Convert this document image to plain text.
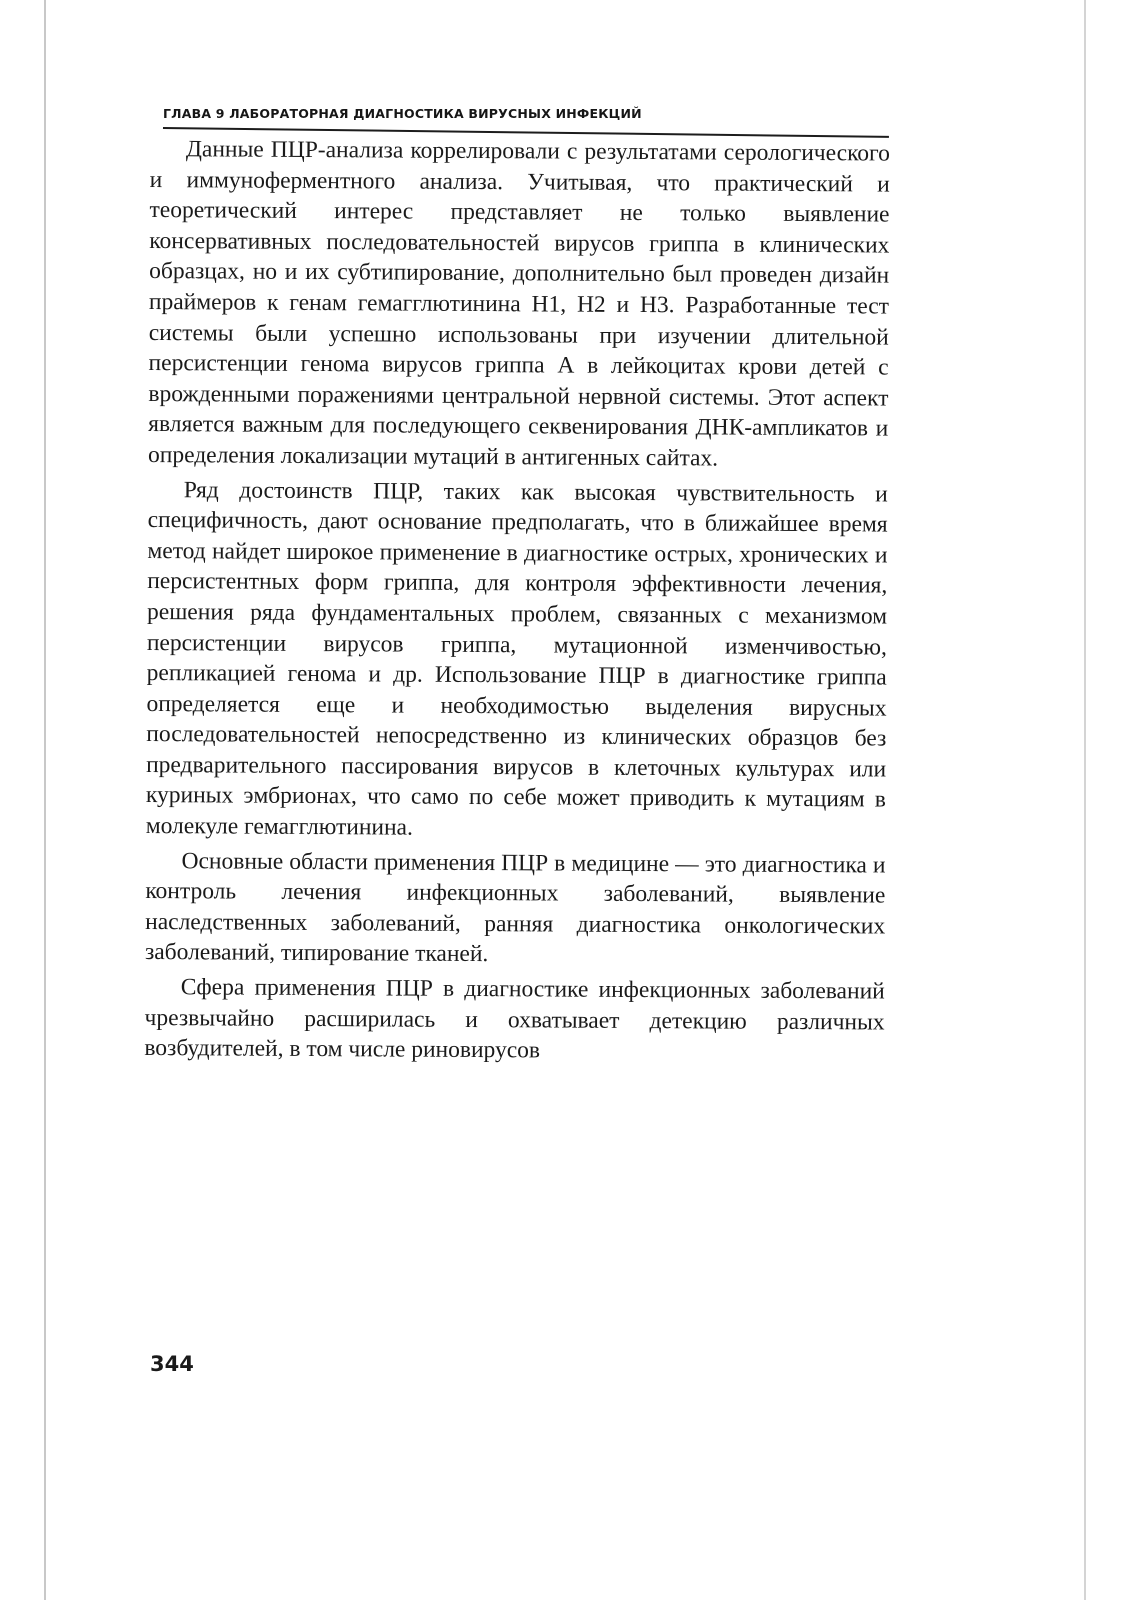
ГЛАВА 9 ЛАБОРАТОРНАЯ ДИАГНОСТИКА ВИРУСНЫХ ИНФЕКЦИЙ

Данные ПЦР-анализа коррелировали с результатами серологического и иммуноферментного анализа. Учитывая, что практический и теоретический интерес представляет не только выявление консервативных последовательностей вирусов гриппа в клинических образцах, но и их субтипирование, дополнительно был проведен дизайн праймеров к генам гемагглютинина Н1, Н2 и Н3. Разработанные тест системы были успешно использованы при изучении длительной персистенции генома вирусов гриппа А в лейкоцитах крови детей с врожденными поражениями центральной нервной системы. Этот аспект является важным для последующего секвенирования ДНК-ампликатов и определения локализации мутаций в антигенных сайтах.

Ряд достоинств ПЦР, таких как высокая чувствительность и специфичность, дают основание предполагать, что в ближайшее время метод найдет широкое применение в диагностике острых, хронических и персистентных форм гриппа, для контроля эффективности лечения, решения ряда фундаментальных проблем, связанных с механизмом персистенции вирусов гриппа, мутационной изменчивостью, репликацией генома и др. Использование ПЦР в диагностике гриппа определяется еще и необходимостью выделения вирусных последовательностей непосредственно из клинических образцов без предварительного пассирования вирусов в клеточных культурах или куриных эмбрионах, что само по себе может приводить к мутациям в молекуле гемагглютинина.

Основные области применения ПЦР в медицине — это диагностика и контроль лечения инфекционных заболеваний, выявление наследственных заболеваний, ранняя диагностика онкологических заболеваний, типирование тканей.

Сфера применения ПЦР в диагностике инфекционных заболеваний чрезвычайно расширилась и охватывает детекцию различных возбудителей, в том числе риновирусов

344
